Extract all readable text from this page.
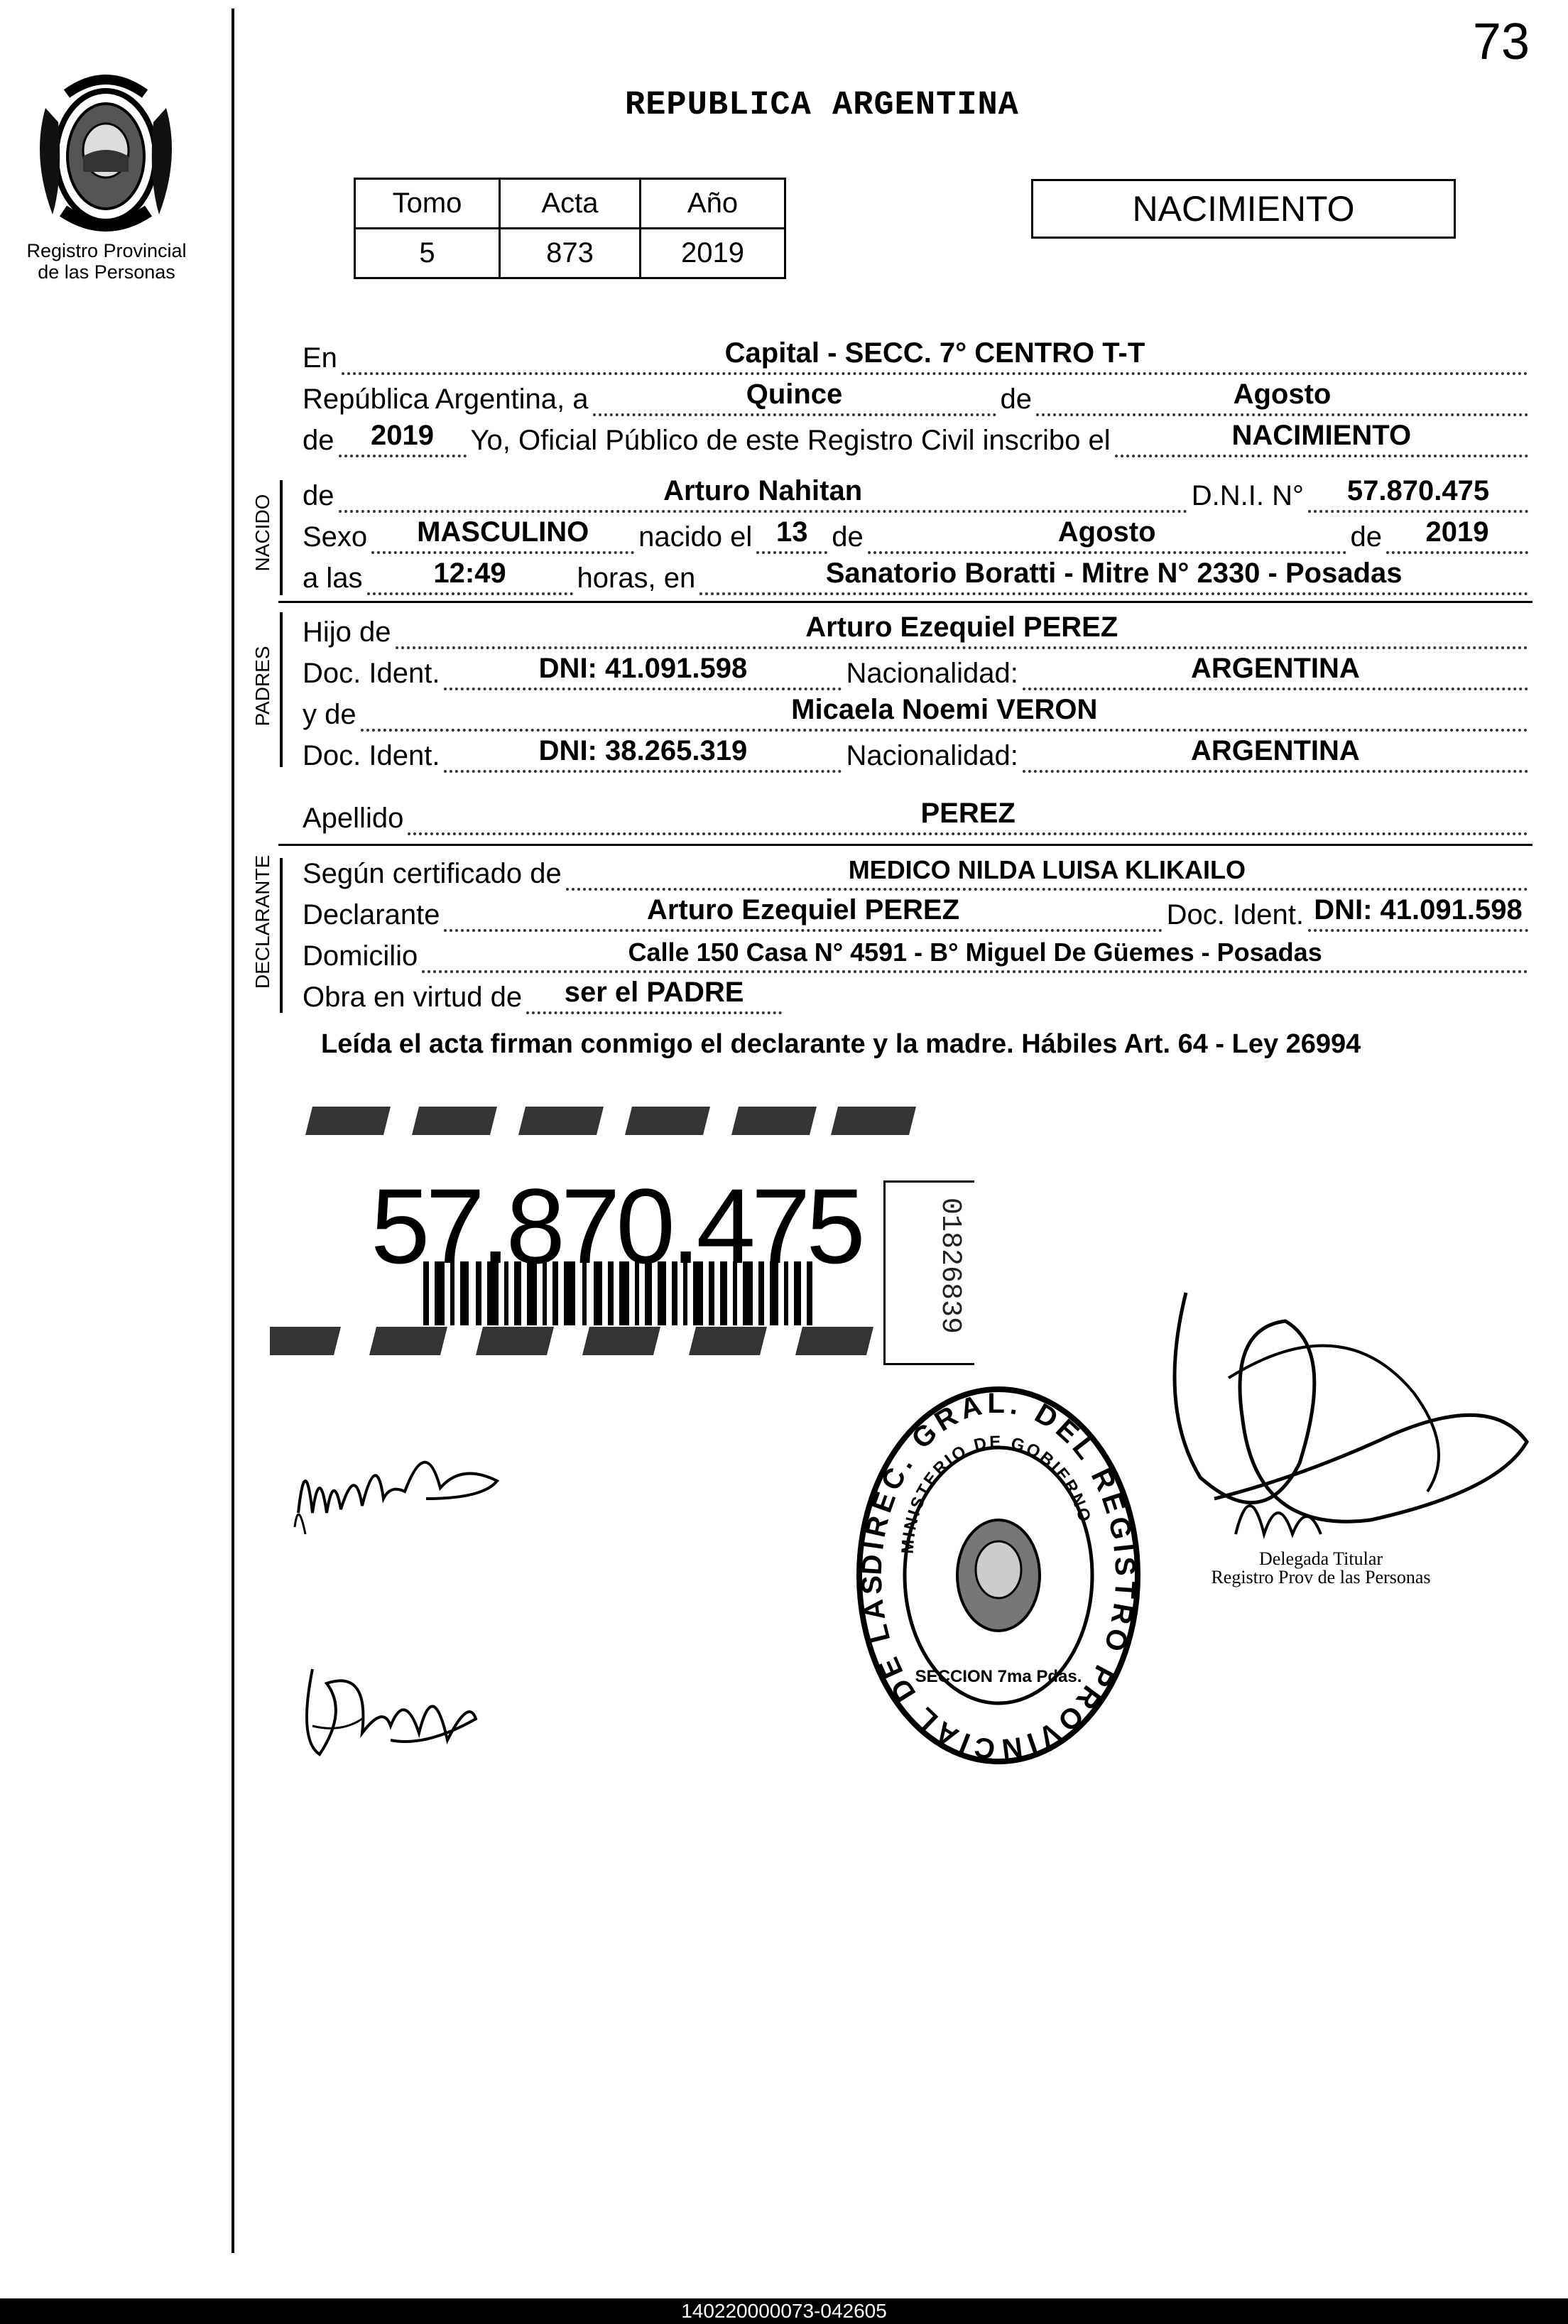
73
Registro Provincial
de las Personas
REPUBLICA ARGENTINA
Tomo	Acta	Año
5	873	2019
NACIMIENTO
En	Capital - SECC. 7° CENTRO T-T
República Argentina, a	Quince	de	Agosto
de	2019	Yo, Oficial Público de este Registro Civil inscribo el	NACIMIENTO
NACIDO de	Arturo Nahitan	D.N.I. N°	57.870.475
Sexo	MASCULINO	nacido el 13 de	Agosto	de	2019
a las	12:49	horas, en	Sanatorio Boratti - Mitre N° 2330 - Posadas
PADRES
Hijo de	Arturo Ezequiel PEREZ
Doc. Ident.	DNI: 41.091.598	Nacionalidad:	ARGENTINA
y de	Micaela Noemi VERON
Doc. Ident.	DNI: 38.265.319	Nacionalidad:	ARGENTINA
Apellido	PEREZ
DECLARANTE Según certificado de	MEDICO NILDA LUISA KLIKAILO
Declarante	Arturo Ezequiel PEREZ	Doc. Ident. DNI: 41.091.598
Domicilio	Calle 150 Casa N° 4591 - B° Miguel De Güemes - Posadas
Obra en virtud de	ser el PADRE
Leída el acta firman conmigo el declarante y la madre. Hábiles Art. 64 - Ley 26994
57.870.475	01826839
DIREC. GRAL. DEL REGISTRO PROVINCIAL DE LAS
MINISTERIO DE GOBIERNO
SECCION 7ma Pdas.
Delegada Titular
Registro Prov de las Personas
140220000073-042605
